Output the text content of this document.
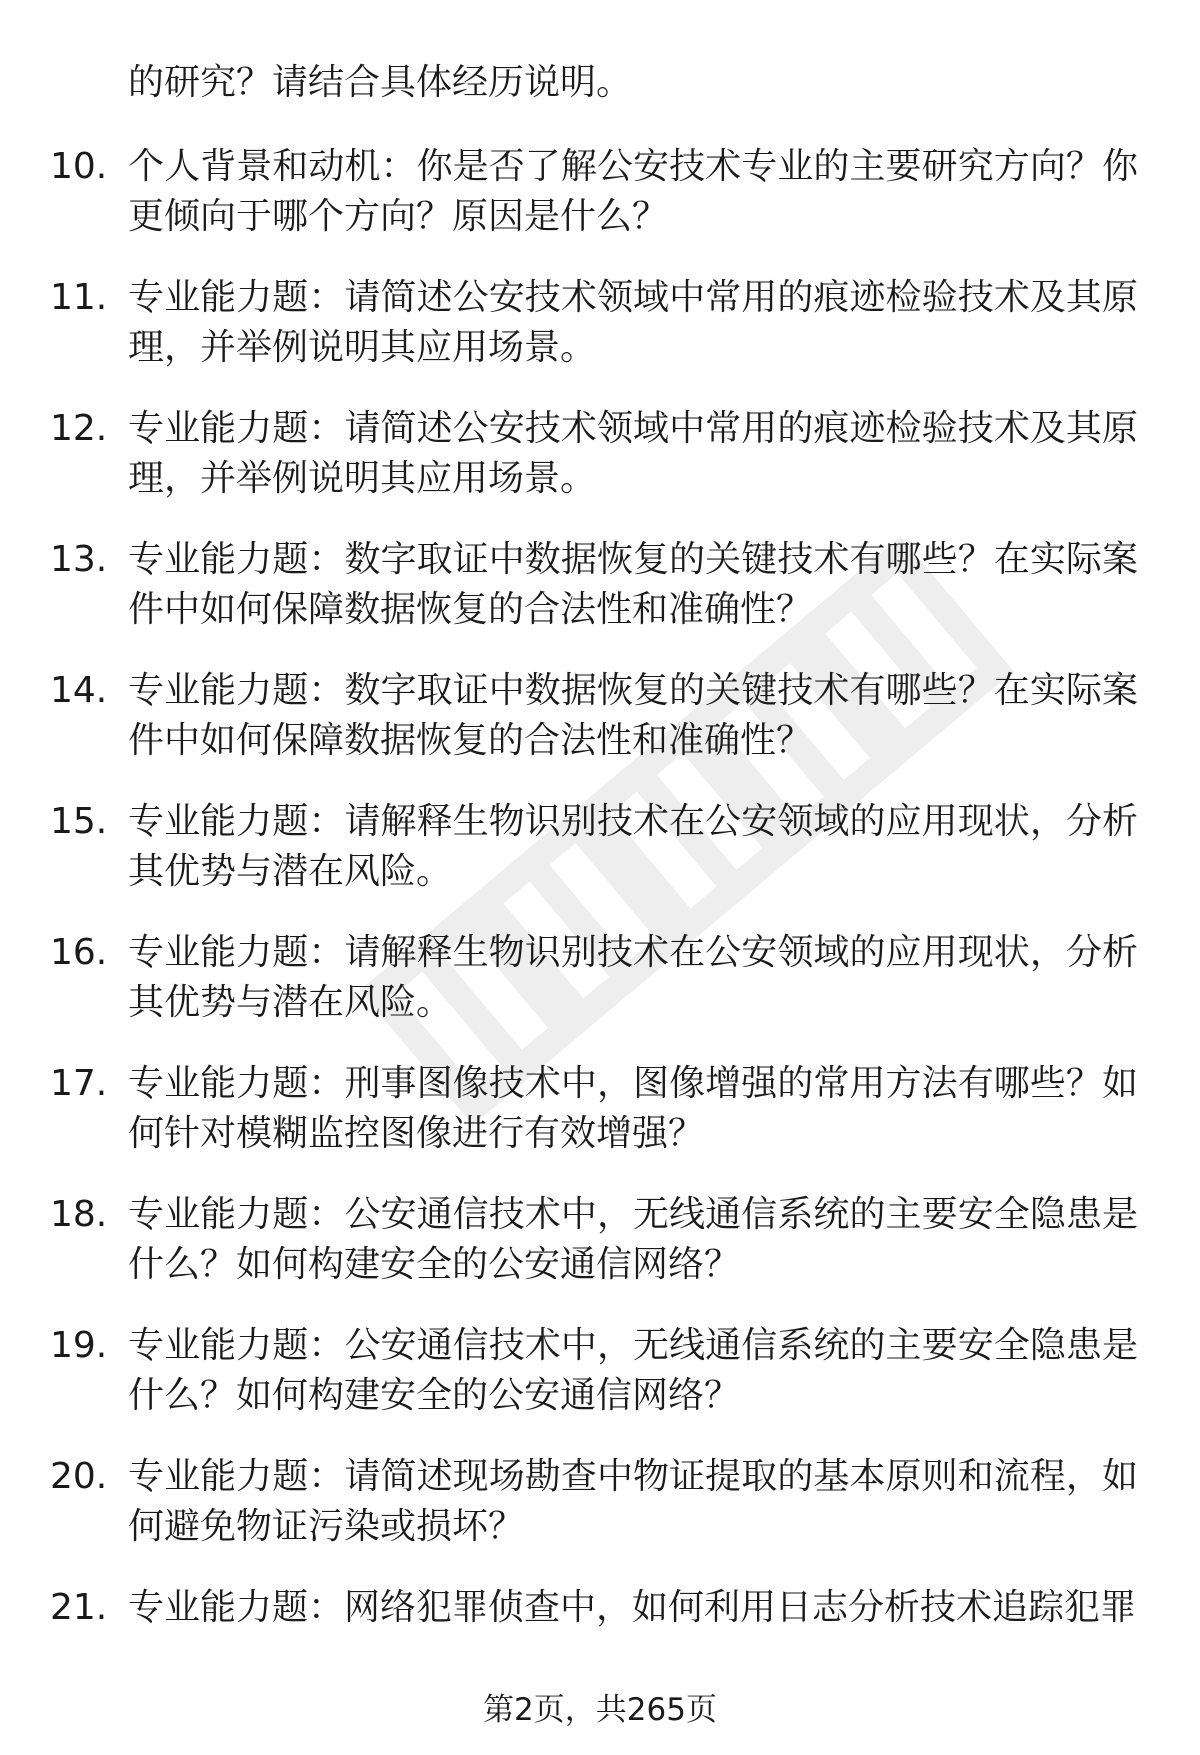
的研究？请结合具体经历说明。

10. 个人背景和动机：你是否了解公安技术专业的主要研究方向？你更倾向于哪个方向？原因是什么？
11. 专业能力题：请简述公安技术领域中常用的痕迹检验技术及其原理，并举例说明其应用场景。
12. 专业能力题：请简述公安技术领域中常用的痕迹检验技术及其原理，并举例说明其应用场景。
13. 专业能力题：数字取证中数据恢复的关键技术有哪些？在实际案件中如何保障数据恢复的合法性和准确性？
14. 专业能力题：数字取证中数据恢复的关键技术有哪些？在实际案件中如何保障数据恢复的合法性和准确性？
15. 专业能力题：请解释生物识别技术在公安领域的应用现状，分析其优势与潜在风险。
16. 专业能力题：请解释生物识别技术在公安领域的应用现状，分析其优势与潜在风险。
17. 专业能力题：刑事图像技术中，图像增强的常用方法有哪些？如何针对模糊监控图像进行有效增强？
18. 专业能力题：公安通信技术中，无线通信系统的主要安全隐患是什么？如何构建安全的公安通信网络？
19. 专业能力题：公安通信技术中，无线通信系统的主要安全隐患是什么？如何构建安全的公安通信网络？
20. 专业能力题：请简述现场勘查中物证提取的基本原则和流程，如何避免物证污染或损坏？
21. 专业能力题：网络犯罪侦查中，如何利用日志分析技术追踪犯罪
第2页，共265页
